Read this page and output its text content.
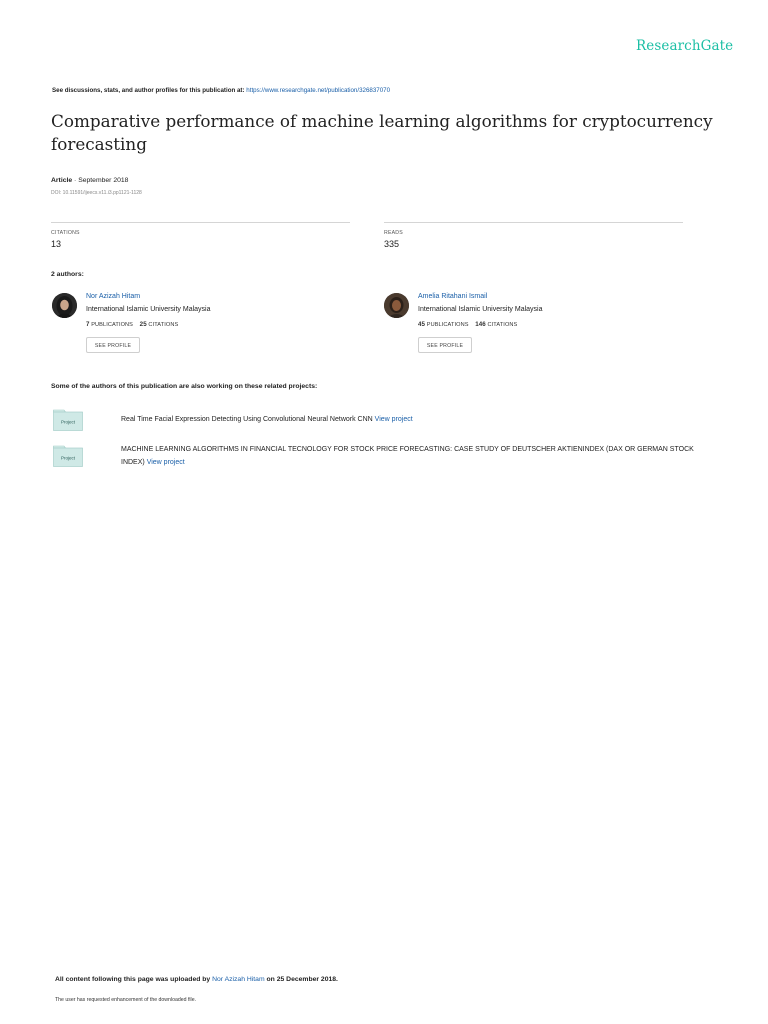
ResearchGate
See discussions, stats, and author profiles for this publication at: https://www.researchgate.net/publication/326837070
Comparative performance of machine learning algorithms for cryptocurrency forecasting
Article · September 2018
DOI: 10.11591/ijeecs.v11.i3.pp1121-1128
CITATIONS
13
READS
335
2 authors:
Nor Azizah Hitam
International Islamic University Malaysia
7 PUBLICATIONS 25 CITATIONS
SEE PROFILE
Amelia Ritahani Ismail
International Islamic University Malaysia
45 PUBLICATIONS 146 CITATIONS
SEE PROFILE
Some of the authors of this publication are also working on these related projects:
Project	Real Time Facial Expression Detecting Using Convolutional Neural Network CNN View project
Project
MACHINE LEARNING ALGORITHMS IN FINANCIAL TECNOLOGY FOR STOCK PRICE FORECASTING: CASE STUDY OF DEUTSCHER AKTIENINDEX (DAX OR GERMAN STOCK INDEX) View project
All content following this page was uploaded by Nor Azizah Hitam on 25 December 2018.
The user has requested enhancement of the downloaded file.
